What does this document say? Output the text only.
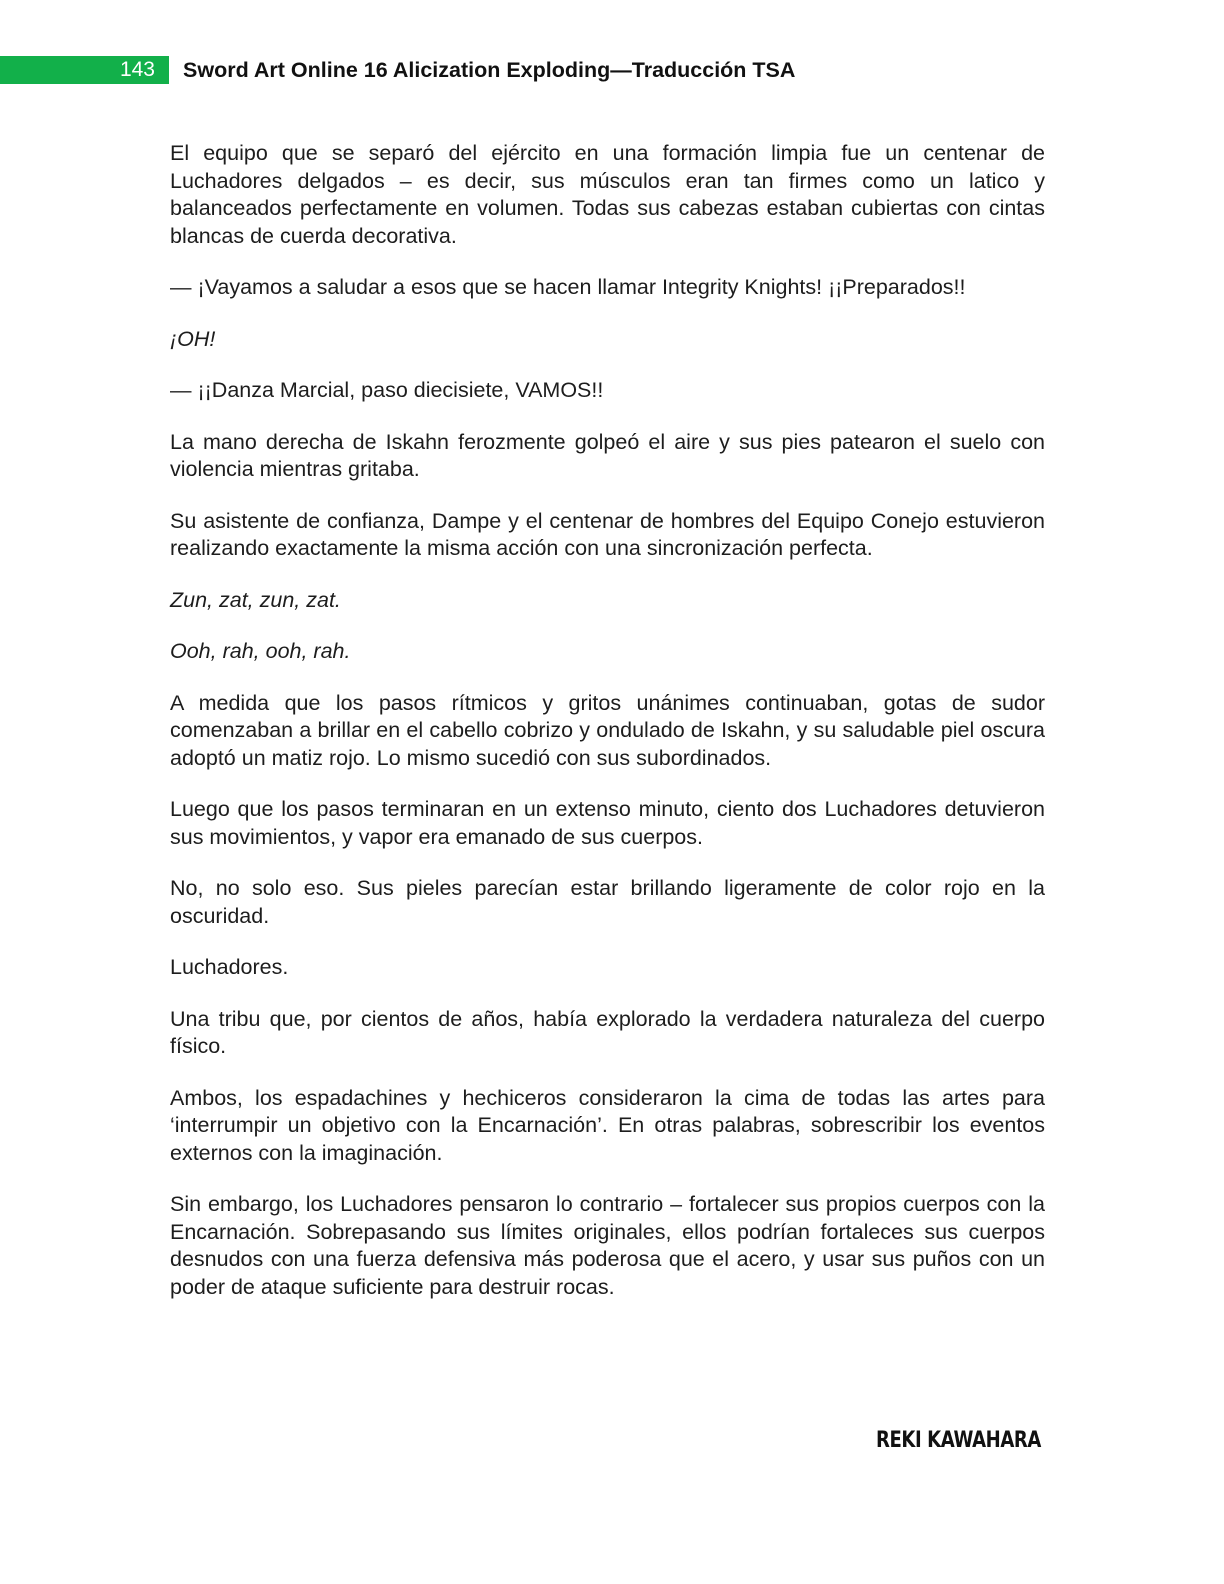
143	Sword Art Online 16 Alicization Exploding—Traducción TSA

El equipo que se separó del ejército en una formación limpia fue un centenar de Luchadores delgados – es decir, sus músculos eran tan firmes como un latico y balanceados perfectamente en volumen. Todas sus cabezas estaban cubiertas con cintas blancas de cuerda decorativa.

— ¡Vayamos a saludar a esos que se hacen llamar Integrity Knights! ¡¡Preparados!!

¡OH!

— ¡¡Danza Marcial, paso diecisiete, VAMOS!!

La mano derecha de Iskahn ferozmente golpeó el aire y sus pies patearon el suelo con violencia mientras gritaba.

Su asistente de confianza, Dampe y el centenar de hombres del Equipo Conejo estuvieron realizando exactamente la misma acción con una sincronización perfecta.

Zun, zat, zun, zat.

Ooh, rah, ooh, rah.

A medida que los pasos rítmicos y gritos unánimes continuaban, gotas de sudor comenzaban a brillar en el cabello cobrizo y ondulado de Iskahn, y su saludable piel oscura adoptó un matiz rojo. Lo mismo sucedió con sus subordinados.

Luego que los pasos terminaran en un extenso minuto, ciento dos Luchadores detuvieron sus movimientos, y vapor era emanado de sus cuerpos.

No, no solo eso. Sus pieles parecían estar brillando ligeramente de color rojo en la oscuridad.

Luchadores.

Una tribu que, por cientos de años, había explorado la verdadera naturaleza del cuerpo físico.

Ambos, los espadachines y hechiceros consideraron la cima de todas las artes para ‘interrumpir un objetivo con la Encarnación’. En otras palabras, sobrescribir los eventos externos con la imaginación.

Sin embargo, los Luchadores pensaron lo contrario – fortalecer sus propios cuerpos con la Encarnación. Sobrepasando sus límites originales, ellos podrían fortaleces sus cuerpos desnudos con una fuerza defensiva más poderosa que el acero, y usar sus puños con un poder de ataque suficiente para destruir rocas.

REKI KAWAHARA
